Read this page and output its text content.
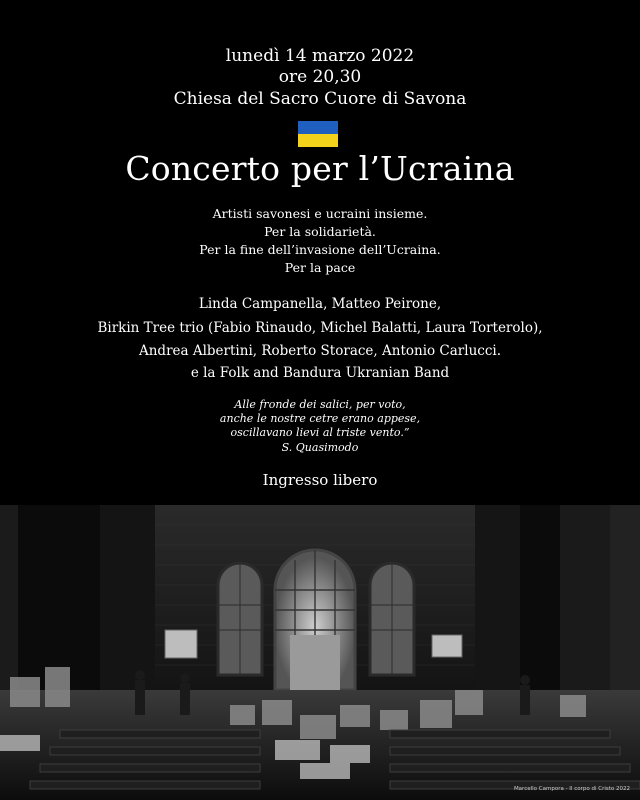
lunedì 14 marzo 2022
ore 20,30
Chiesa del Sacro Cuore di Savona
Concerto per l’Ucraina
Artisti savonesi e ucraini insieme.
Per la solidarietà.
Per la fine dell’invasione dell’Ucraina.
Per la pace
Linda Campanella, Matteo Peirone,
Birkin Tree trio (Fabio Rinaudo, Michel Balatti, Laura Torterolo),
Andrea Albertini, Roberto Storace, Antonio Carlucci.
e la Folk and Bandura Ukranian Band
Alle fronde dei salici, per voto,
anche le nostre cetre erano appese,
oscillavano lievi al triste vento.”
S. Quasimodo
Ingresso libero
Marcello Campora - Il corpo di Cristo 2022
